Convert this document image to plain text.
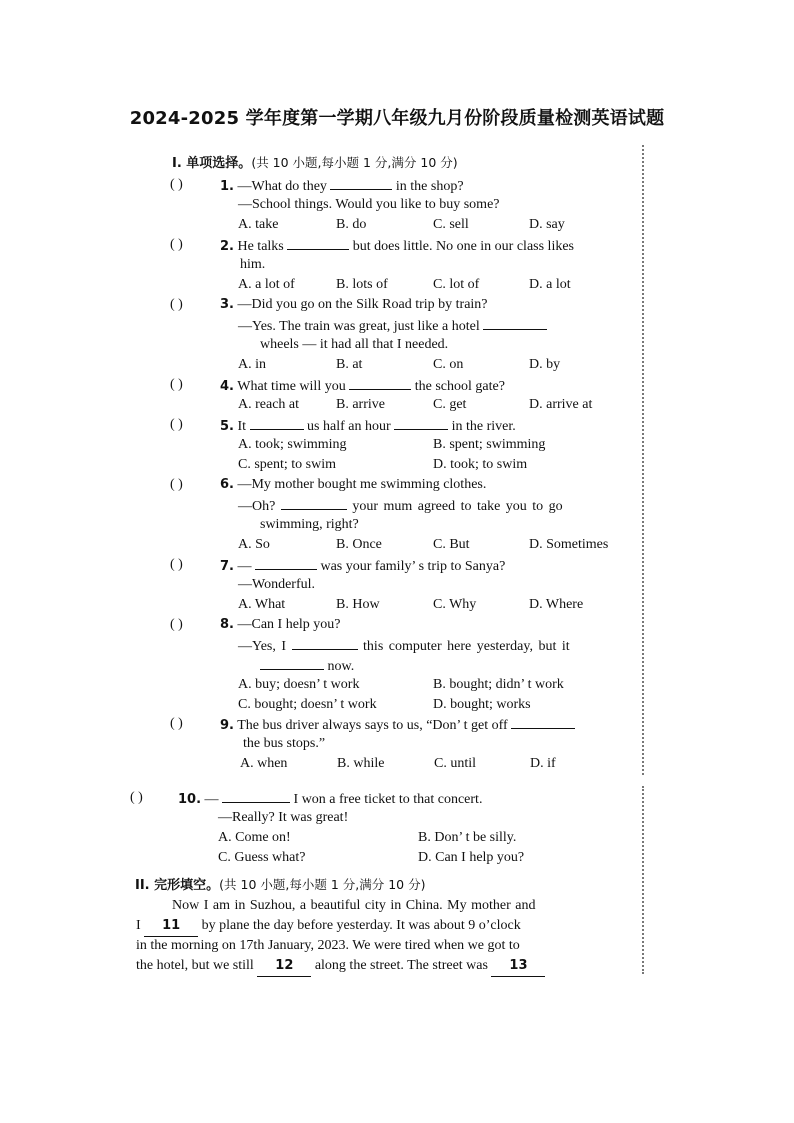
2024-2025 学年度第一学期八年级九月份阶段质量检测英语试题
I. 单项选择。(共 10 小题,每小题 1 分,满分 10 分)
( )	1. —What do they	in the shop?
—School things. Would you like to buy some?
A. take	B. do	C. sell	D. say
( )	2. He talks	but does little. No one in our class likes
him.
A. a lot of	B. lots of	C. lot of	D. a lot
( )	3. —Did you go on the Silk Road trip by train?
—Yes. The train was great, just like a hotel
wheels — it had all that I needed.
A. in	B. at	C. on	D. by
( )	4. What time will you	the school gate?
A. reach at	B. arrive	C. get	D. arrive at
( )	5. It	us half an hour	in the river.
A. took; swimming	B. spent; swimming
C. spent; to swim	D. took; to swim
( )	6. —My mother bought me swimming clothes.
—Oh?	your mum agreed to take you to go
swimming, right?
A. So	B. Once	C. But	D. Sometimes
( )	7. —	was your family’ s trip to Sanya?
—Wonderful.
A. What	B. How	C. Why	D. Where
( )	8. —Can I help you?
—Yes, I	this computer here yesterday, but it
now.
A. buy; doesn’ t work	B. bought; didn’ t work
C. bought; doesn’ t work	D. bought; works
( )	9. The bus driver always says to us, “Don’ t get off
the bus stops.”
A. when	B. while	C. until	D. if
( )	10. —	I won a free ticket to that concert.
—Really? It was great!
A. Come on!	B. Don’ t be silly.
C. Guess what?	D. Can I help you?
II. 完形填空。(共 10 小题,每小题 1 分,满分 10 分)
Now I am in Suzhou, a beautiful city in China. My mother and
I 11 by plane the day before yesterday. It was about 9 o’clock
in the morning on 17th January, 2023. We were tired when we got to
the hotel, but we still 12 along the street. The street was 13
